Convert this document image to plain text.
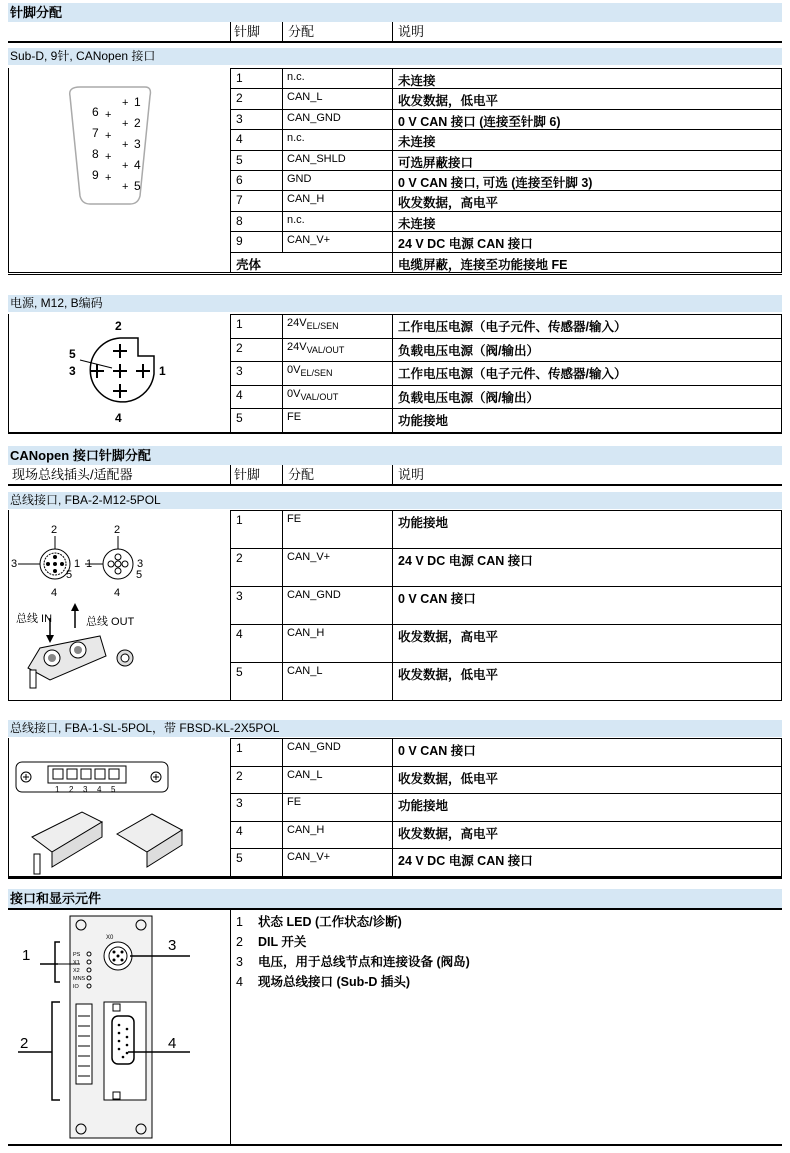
针脚分配
针脚 分配	说明
Sub-D, 9针, CANopen 接口
1	n.c.	未连接
2	CAN_L	收发数据，低电平
3	CAN_GND	0 V CAN 接口 (连接至针脚 6)
4	n.c.	未连接
5	CAN_SHLD	可选屏蔽接口
6	GND	0 V CAN 接口, 可选 (连接至针脚 3)
7	CAN_H	收发数据，高电平
8	n.c.	未连接
9	CAN_V+	24 V DC 电源 CAN 接口
壳体	电缆屏蔽，连接至功能接地 FE
6 +
7 +
8 +
9 +
+ 1
+ 2
+ 3
+ 4
+ 5
电源, M12, B编码
1	$24V_{EL/SEN}$	工作电压电源（电子元件、传感器/输入）
2	$24V_{VAL/OUT}$	负载电压电源（阀/输出）
3	$0V_{EL/SEN}$	工作电压电源（电子元件、传感器/输入）
4	$0V_{VAL/OUT}$	负载电压电源（阀/输出）
5	FE	功能接地
2
5
3	1
4
CANopen 接口针脚分配
现场总线插头/适配器	针脚 分配	说明
总线接口, FBA-2-M12-5POL
1	FE	功能接地
2	CAN_V+	24 V DC 电源 CAN 接口
3	CAN_GND	0 V CAN 接口
4	CAN_H	收发数据，高电平
5	CAN_L	收发数据，低电平
2
3	1
5
4
2
1	3
5
4
总线 IN	总线 OUT
总线接口, FBA-1-SL-5POL，带 FBSD-KL-2X5POL
1	CAN_GND	0 V CAN 接口
2	CAN_L	收发数据，低电平
3	FE	功能接地
4	CAN_H	收发数据，高电平
5	CAN_V+	24 V DC 电源 CAN 接口
1 2 3 4 5
接口和显示元件
X0
PS
X1
X2
MNS
IO
1
2
3
4
1 状态 LED (工作状态/诊断)
2 DIL 开关
3 电压，用于总线节点和连接设备 (阀岛)
4 现场总线接口 (Sub-D 插头)
